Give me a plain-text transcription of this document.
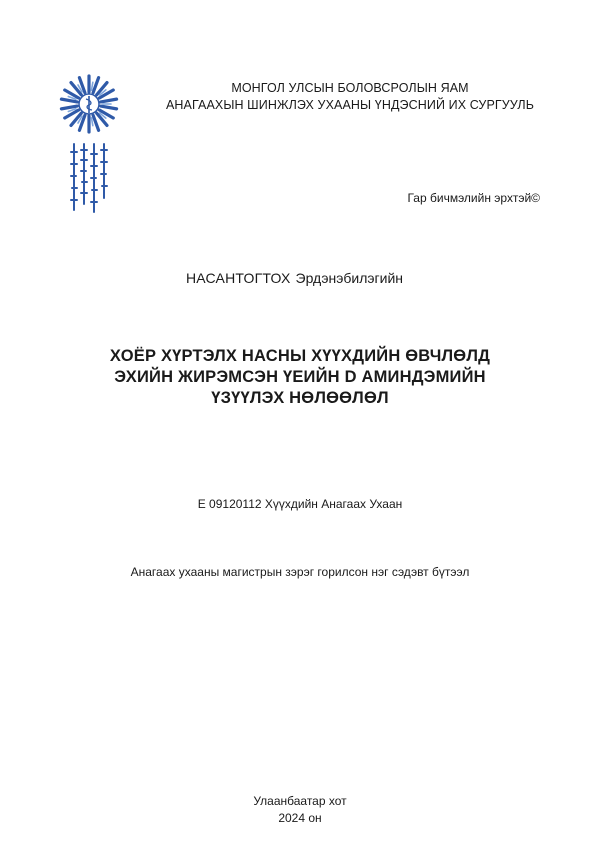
МОНГОЛ УЛСЫН БОЛОВСРОЛЫН ЯАМ
АНАГААХЫН ШИНЖЛЭХ УХААНЫ ҮНДЭСНИЙ ИХ СУРГУУЛЬ
Гар бичмэлийн эрхтэй©
НАСАНТОГТОХ Эрдэнэбилэгийн
ХОЁР ХҮРТЭЛХ НАСНЫ ХҮҮХДИЙН ӨВЧЛӨЛД
ЭХИЙН ЖИРЭМСЭН ҮЕИЙН D АМИНДЭМИЙН
ҮЗҮҮЛЭХ НӨЛӨӨЛӨЛ
E 09120112 Хүүхдийн Анагаах Ухаан
Анагаах ухааны магистрын зэрэг горилсон нэг сэдэвт бүтээл
Улаанбаатар хот
2024 он
